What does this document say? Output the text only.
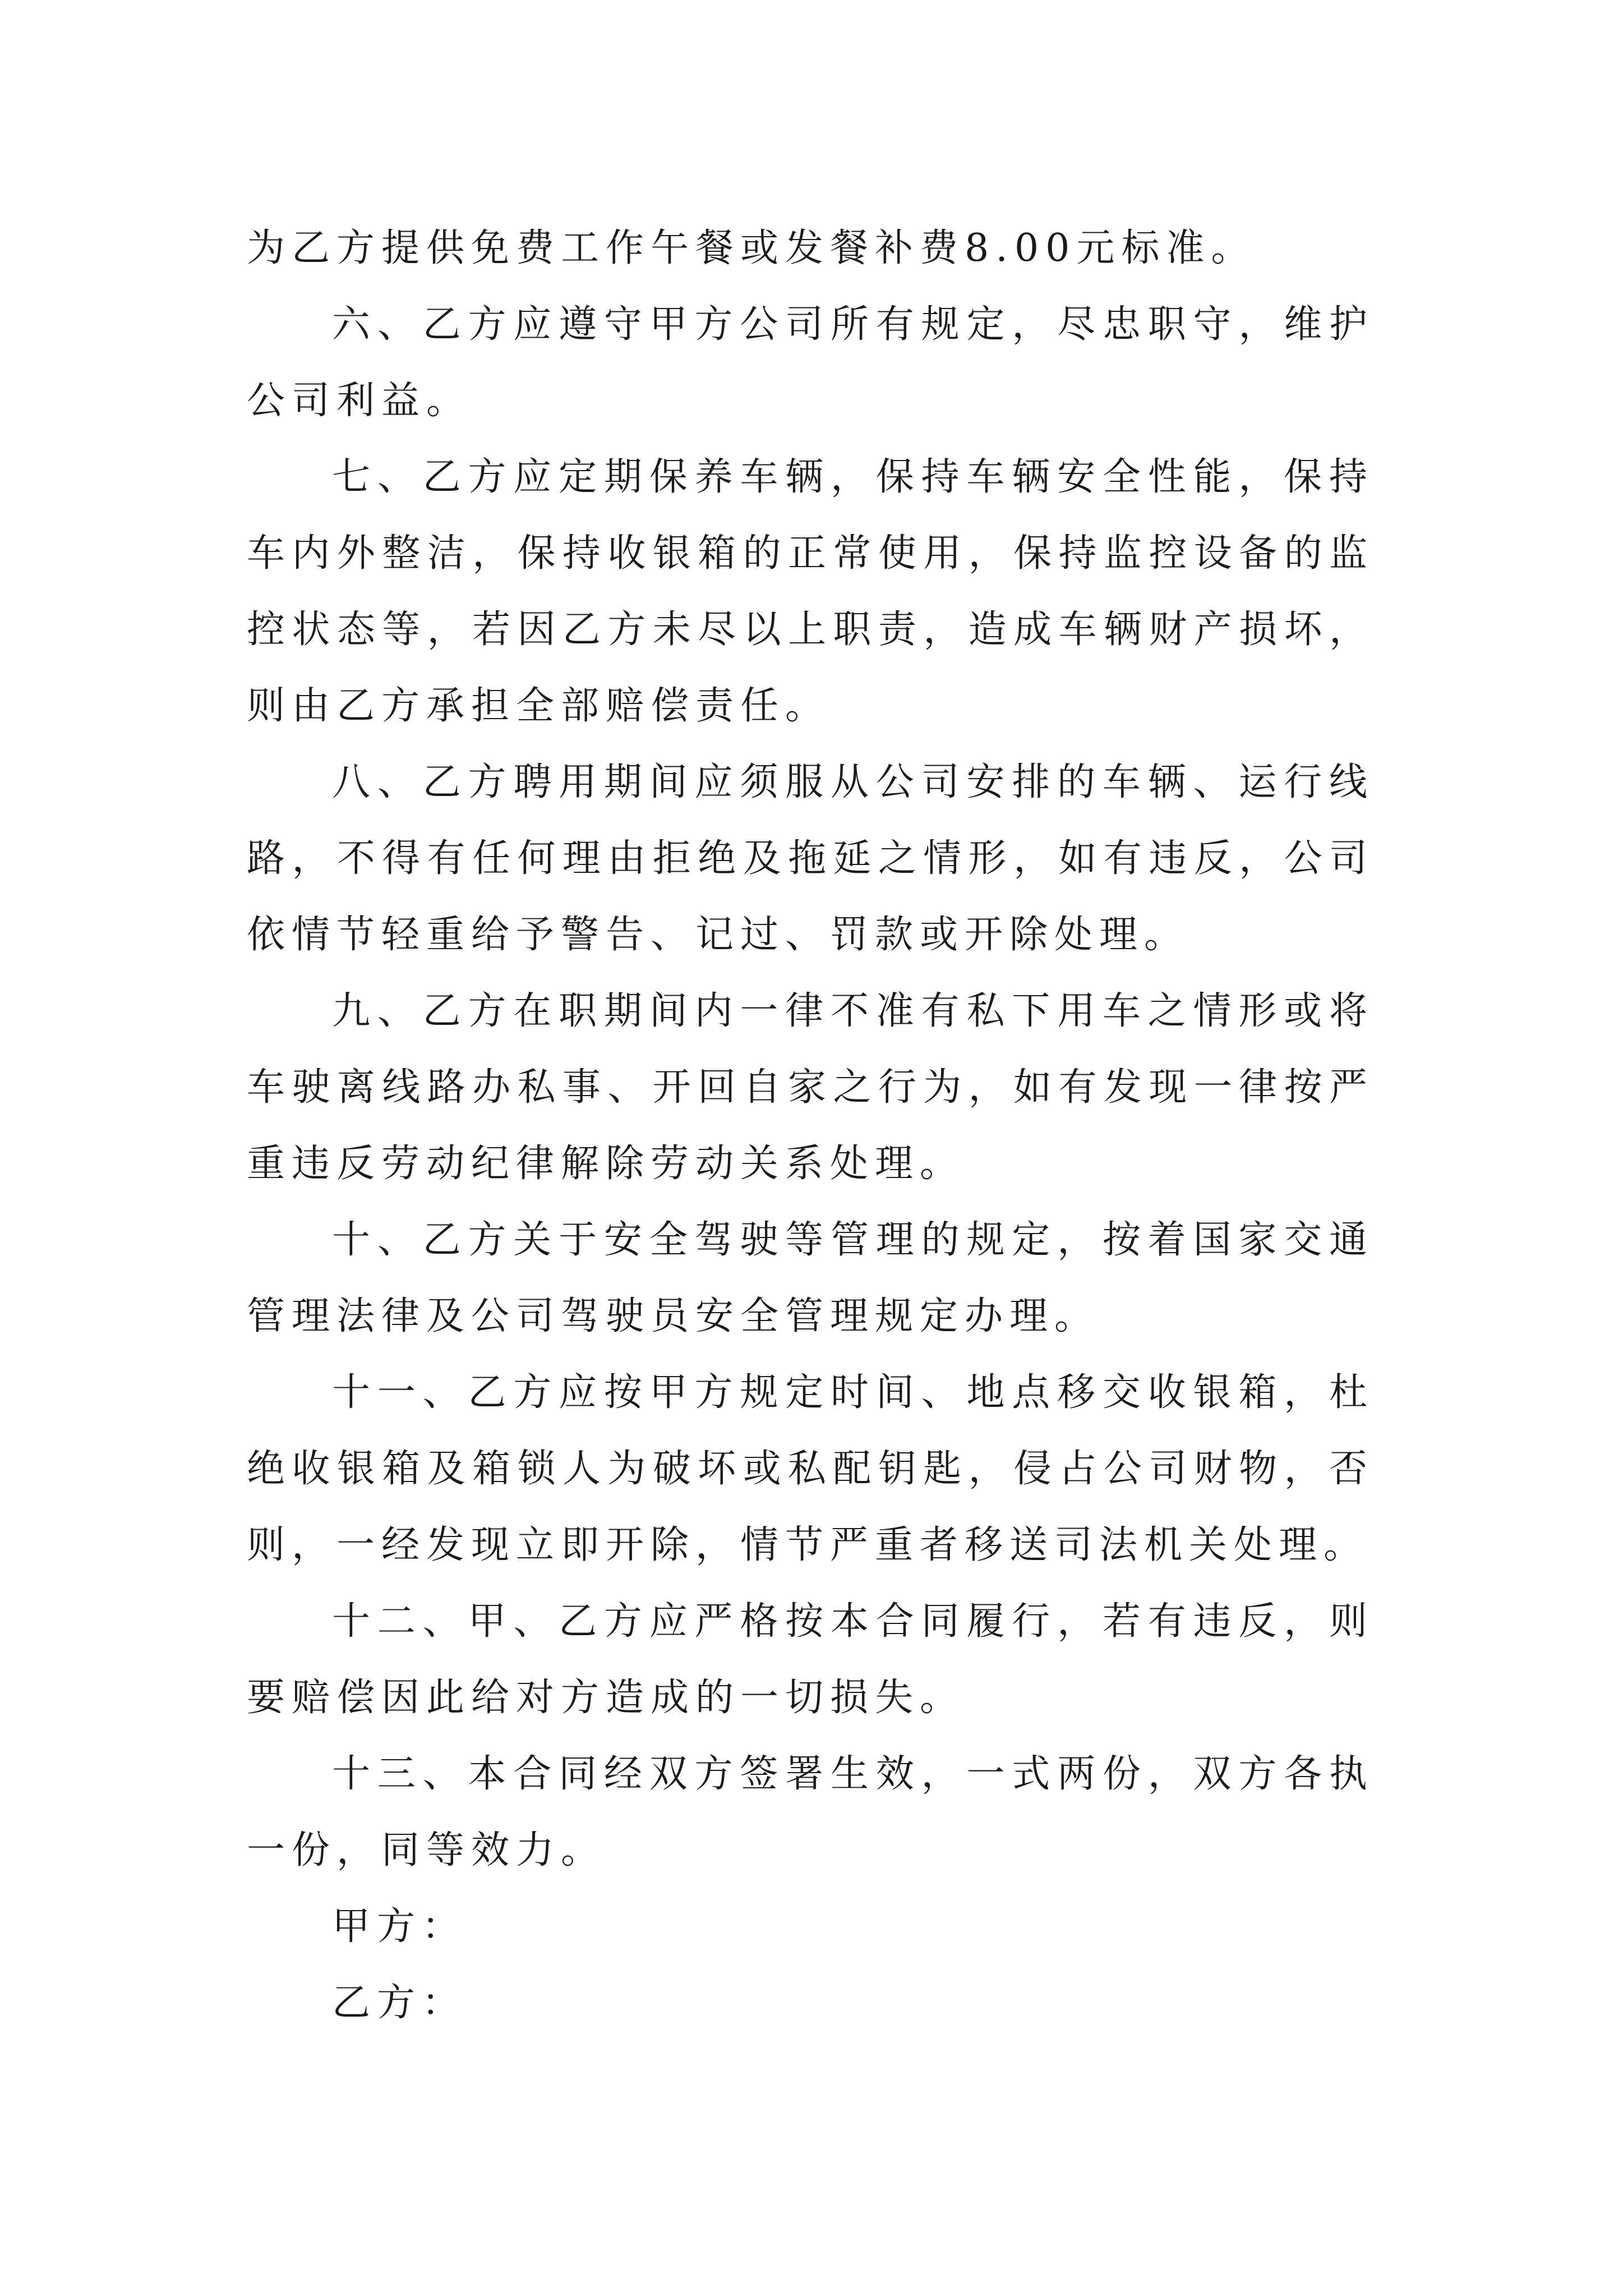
为乙方提供免费工作午餐或发餐补费8.00元标准。

六、乙方应遵守甲方公司所有规定，尽忠职守，维护公司利益。

七、乙方应定期保养车辆，保持车辆安全性能，保持车内外整洁，保持收银箱的正常使用，保持监控设备的监控状态等，若因乙方未尽以上职责，造成车辆财产损坏，则由乙方承担全部赔偿责任。

八、乙方聘用期间应须服从公司安排的车辆、运行线路，不得有任何理由拒绝及拖延之情形，如有违反，公司依情节轻重给予警告、记过、罚款或开除处理。

九、乙方在职期间内一律不准有私下用车之情形或将车驶离线路办私事、开回自家之行为，如有发现一律按严重违反劳动纪律解除劳动关系处理。

十、乙方关于安全驾驶等管理的规定，按着国家交通管理法律及公司驾驶员安全管理规定办理。

十一、乙方应按甲方规定时间、地点移交收银箱，杜绝收银箱及箱锁人为破坏或私配钥匙，侵占公司财物，否则，一经发现立即开除，情节严重者移送司法机关处理。

十二、甲、乙方应严格按本合同履行，若有违反，则要赔偿因此给对方造成的一切损失。

十三、本合同经双方签署生效，一式两份，双方各执一份，同等效力。

甲方：
乙方：
